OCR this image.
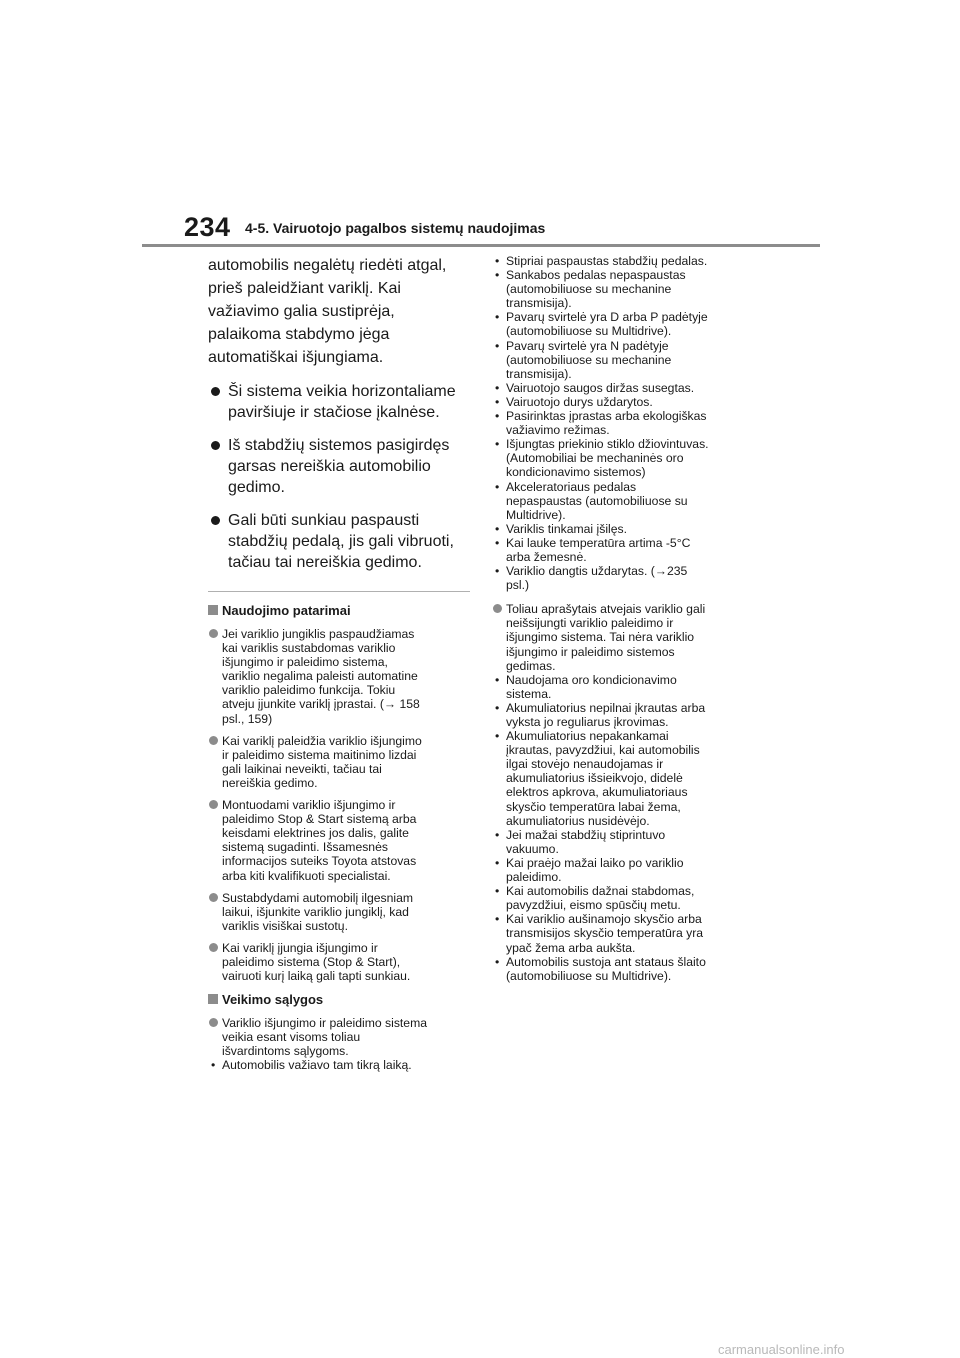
234 4-5. Vairuotojo pagalbos sistemų naudojimas

automobilis negalėtų riedėti atgal,
prieš paleidžiant variklį. Kai
važiavimo galia sustiprėja,
palaikoma stabdymo jėga
automatiškai išjungiama.

Ši sistema veikia horizontaliame
paviršiuje ir stačiose įkalnėse.
Iš stabdžių sistemos pasigirdęs
garsas nereiškia automobilio
gedimo.
Gali būti sunkiau paspausti
stabdžių pedalą, jis gali vibruoti,
tačiau tai nereiškia gedimo.
Naudojimo patarimai
Jei variklio jungiklis paspaudžiamas
kai variklis sustabdomas variklio
išjungimo ir paleidimo sistema,
variklio negalima paleisti automatine
variklio paleidimo funkcija. Tokiu
atveju įjunkite variklį įprastai. (→ 158
psl., 159)
Kai variklį paleidžia variklio išjungimo
ir paleidimo sistema maitinimo lizdai
gali laikinai neveikti, tačiau tai
nereiškia gedimo.
Montuodami variklio išjungimo ir
paleidimo Stop & Start sistemą arba
keisdami elektrines jos dalis, galite
sistemą sugadinti. Išsamesnės
informacijos suteiks Toyota atstovas
arba kiti kvalifikuoti specialistai.
Sustabdydami automobilį ilgesniam
laikui, išjunkite variklio jungiklį, kad
variklis visiškai sustotų.
Kai variklį įjungia išjungimo ir
paleidimo sistema (Stop & Start),
vairuoti kurį laiką gali tapti sunkiau.
Veikimo sąlygos
Variklio išjungimo ir paleidimo sistema
veikia esant visoms toliau
išvardintoms sąlygoms.
• Automobilis važiavo tam tikrą laiką.
• Stipriai paspaustas stabdžių pedalas.
• Sankabos pedalas nepaspaustas
(automobiliuose su mechanine
transmisija).
• Pavarų svirtelė yra D arba P padėtyje
(automobiliuose su Multidrive).
• Pavarų svirtelė yra N padėtyje
(automobiliuose su mechanine
transmisija).
• Vairuotojo saugos diržas susegtas.
• Vairuotojo durys uždarytos.
• Pasirinktas įprastas arba ekologiškas
važiavimo režimas.
• Išjungtas priekinio stiklo džiovintuvas.
(Automobiliai be mechaninės oro
kondicionavimo sistemos)
• Akceleratoriaus pedalas
nepaspaustas (automobiliuose su
Multidrive).
• Variklis tinkamai įšilęs.
• Kai lauke temperatūra artima -5°C
arba žemesnė.
• Variklio dangtis uždarytas. (→235
psl.)
Toliau aprašytais atvejais variklio gali
neišsijungti variklio paleidimo ir
išjungimo sistema. Tai nėra variklio
išjungimo ir paleidimo sistemos
gedimas.
• Naudojama oro kondicionavimo
sistema.
• Akumuliatorius nepilnai įkrautas arba
vyksta jo reguliarus įkrovimas.
• Akumuliatorius nepakankamai
įkrautas, pavyzdžiui, kai automobilis
ilgai stovėjo nenaudojamas ir
akumuliatorius išsieikvojo, didelė
elektros apkrova, akumuliatoriaus
skysčio temperatūra labai žema,
akumuliatorius nusidėvėjo.
• Jei mažai stabdžių stiprintuvo
vakuumo.
• Kai praėjo mažai laiko po variklio
paleidimo.
• Kai automobilis dažnai stabdomas,
pavyzdžiui, eismo spūsčių metu.
• Kai variklio aušinamojo skysčio arba
transmisijos skysčio temperatūra yra
ypač žema arba aukšta.
• Automobilis sustoja ant stataus šlaito
(automobiliuose su Multidrive).
carmanualsonline.info
